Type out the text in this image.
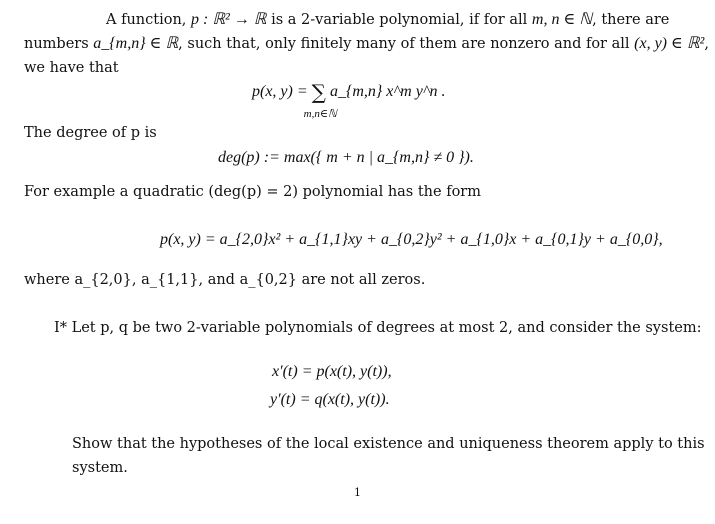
A function, p : ℝ² → ℝ is a 2-variable polynomial, if for all m, n ∈ ℕ, there are
numbers a_{m,n} ∈ ℝ, such that, only finitely many of them are nonzero and for all (x, y) ∈ ℝ²,
we have that
p(x, y) = ∑
m,n∈ℕ
a_{m,n} x^m y^n .
The degree of p is
deg(p) := max({ m + n | a_{m,n} ≠ 0 }).
For example a quadratic (deg(p) = 2) polynomial has the form
p(x, y) = a_{2,0}x² + a_{1,1}xy + a_{0,2}y² + a_{1,0}x + a_{0,1}y + a_{0,0},
where a_{2,0}, a_{1,1}, and a_{0,2} are not all zeros.
I* Let p, q be two 2-variable polynomials of degrees at most 2, and consider the system:
x′(t) = p(x(t), y(t)),
y′(t) = q(x(t), y(t)).
Show that the hypotheses of the local existence and uniqueness theorem apply to this
system.
1
